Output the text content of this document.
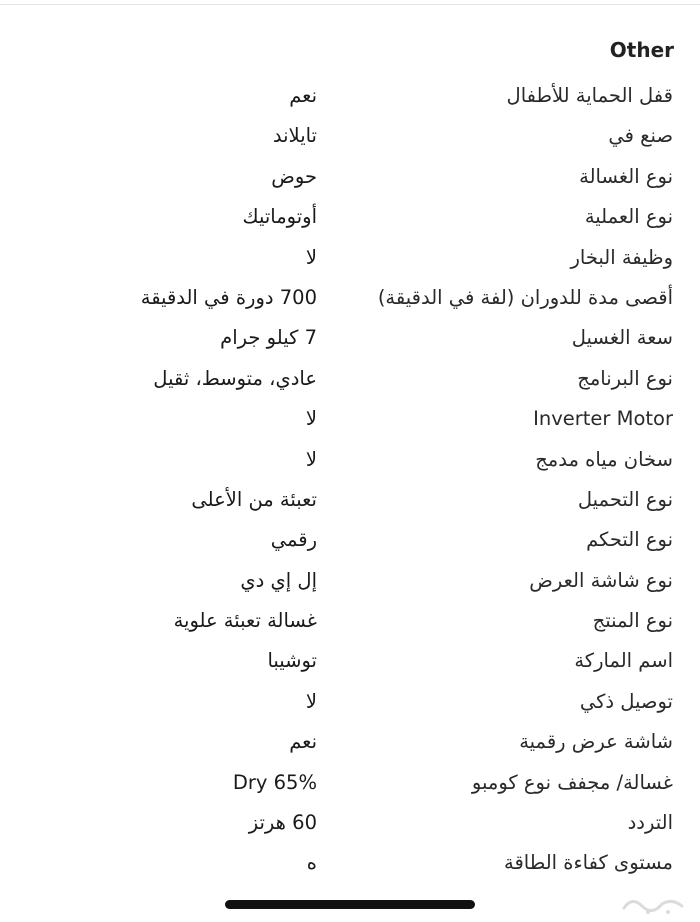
Other
قفل الحماية للأطفال
نعم
صنع في
تايلاند
نوع الغسالة
حوض
نوع العملية
أوتوماتيك
وظيفة البخار
لا
أقصى مدة للدوران (لفة في الدقيقة)
700 دورة في الدقيقة
سعة الغسيل
7 كيلو جرام
نوع البرنامج
عادي، متوسط، ثقيل
Inverter Motor
لا
سخان مياه مدمج
لا
نوع التحميل
تعبئة من الأعلى
نوع التحكم
رقمي
نوع شاشة العرض
إل إي دي
نوع المنتج
غسالة تعبئة علوية
اسم الماركة
توشيبا
توصيل ذكي
لا
شاشة عرض رقمية
نعم
غسالة/ مجفف نوع كومبو
Dry 65%
التردد
60 هرتز
مستوى كفاءة الطاقة
ه
